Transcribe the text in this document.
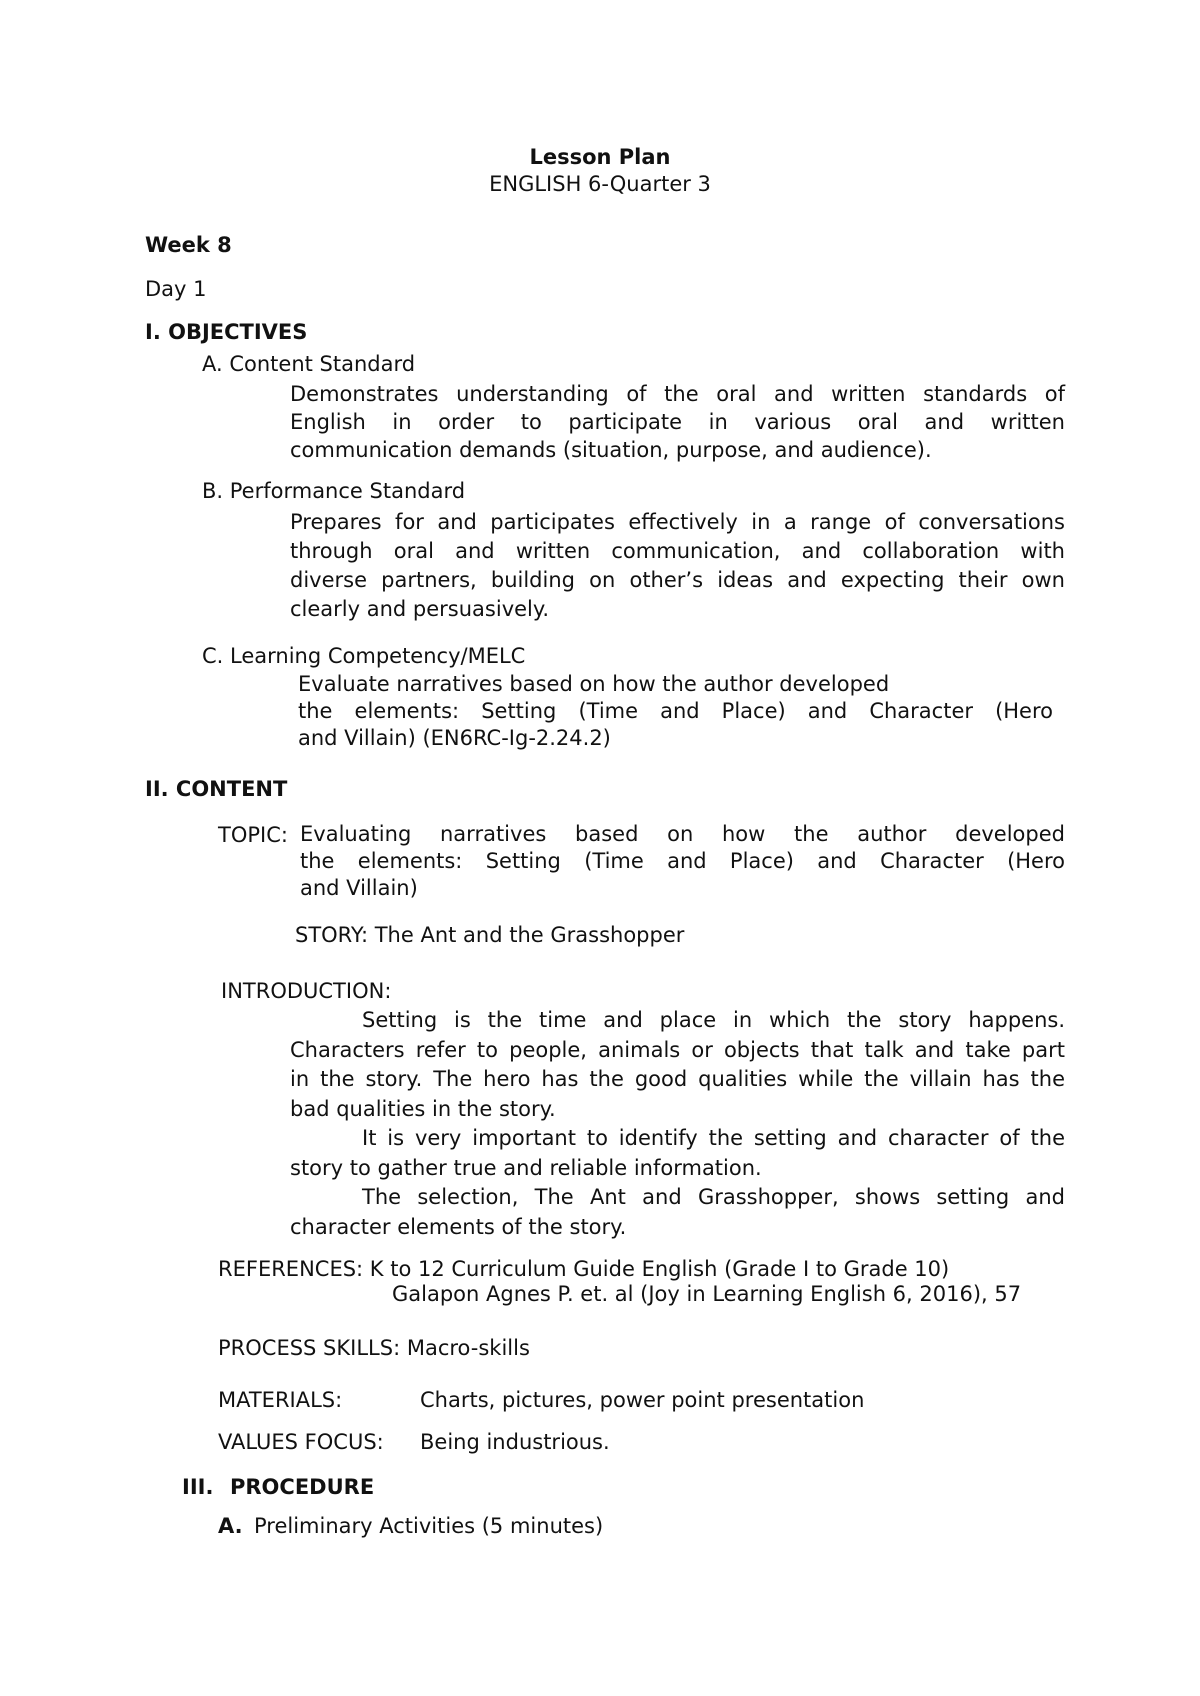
Lesson Plan
ENGLISH 6-Quarter 3
Week 8
Day 1
I. OBJECTIVES
A. Content Standard
Demonstrates understanding of the oral and written standards of
English in order to participate in various oral and written
communication demands (situation, purpose, and audience).
B. Performance Standard
Prepares for and participates effectively in a range of conversations
through oral and written communication, and collaboration with
diverse partners, building on other’s ideas and expecting their own
clearly and persuasively.
C. Learning Competency/MELC
Evaluate narratives based on how the author developed
the elements: Setting (Time and Place) and Character (Hero
and Villain) (EN6RC-Ig-2.24.2)
II. CONTENT
TOPIC: Evaluating narratives based on how the author developed
the elements: Setting (Time and Place) and Character (Hero
and Villain)
STORY: The Ant and the Grasshopper
INTRODUCTION:
Setting is the time and place in which the story happens.
Characters refer to people, animals or objects that talk and take part
in the story. The hero has the good qualities while the villain has the
bad qualities in the story.
It is very important to identify the setting and character of the
story to gather true and reliable information.
The selection, The Ant and Grasshopper, shows setting and
character elements of the story.
REFERENCES: K to 12 Curriculum Guide English (Grade I to Grade 10)
Galapon Agnes P. et. al (Joy in Learning English 6, 2016), 57
PROCESS SKILLS: Macro-skills
MATERIALS:	Charts, pictures, power point presentation
VALUES FOCUS: Being industrious.
III. PROCEDURE
A. Preliminary Activities (5 minutes)
